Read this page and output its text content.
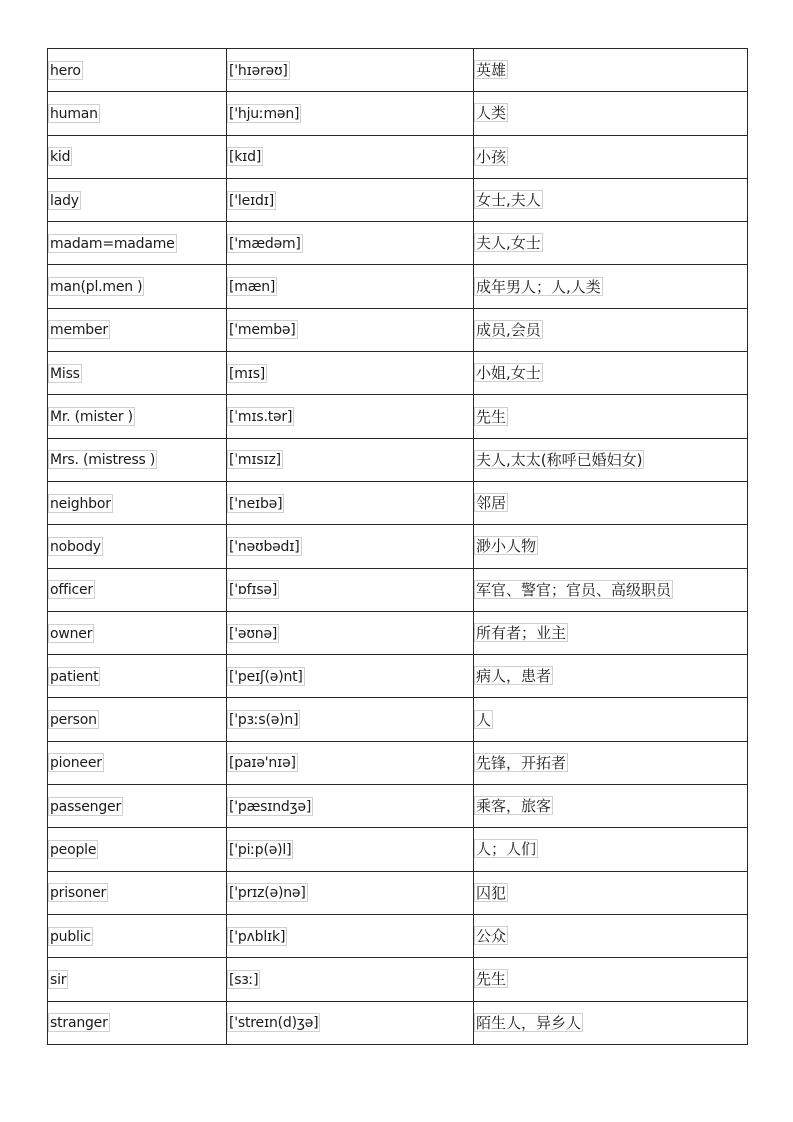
hero	['hɪərəʊ]	英雄
human	['hjuːmən]	人类
kid	[kɪd]	小孩
lady	['leɪdɪ]	女士,夫人
madam=madame	['mædəm]	夫人,女士
man(pl.men )	[mæn]	成年男人；人,人类
member	['membə]	成员,会员
Miss	[mɪs]	小姐,女士
Mr. (mister )	[ˈmɪs.tər]	先生
Mrs. (mistress )	[ˈmɪsɪz]	夫人,太太(称呼已婚妇女)
neighbor	['neɪbə]	邻居
nobody	['nəʊbədɪ]	渺小人物
officer	['ɒfɪsə]	军官、警官；官员、高级职员
owner	['əʊnə]	所有者；业主
patient	['peɪʃ(ə)nt]	病人，患者
person	['pɜːs(ə)n]	人
pioneer	[paɪə'nɪə]	先锋，开拓者
passenger	['pæsɪndʒə]	乘客，旅客
people	['piːp(ə)l]	人；人们
prisoner	['prɪz(ə)nə]	囚犯
public	['pʌblɪk]	公众
sir	[sɜː]	先生
stranger	['streɪn(d)ʒə]	陌生人，异乡人
